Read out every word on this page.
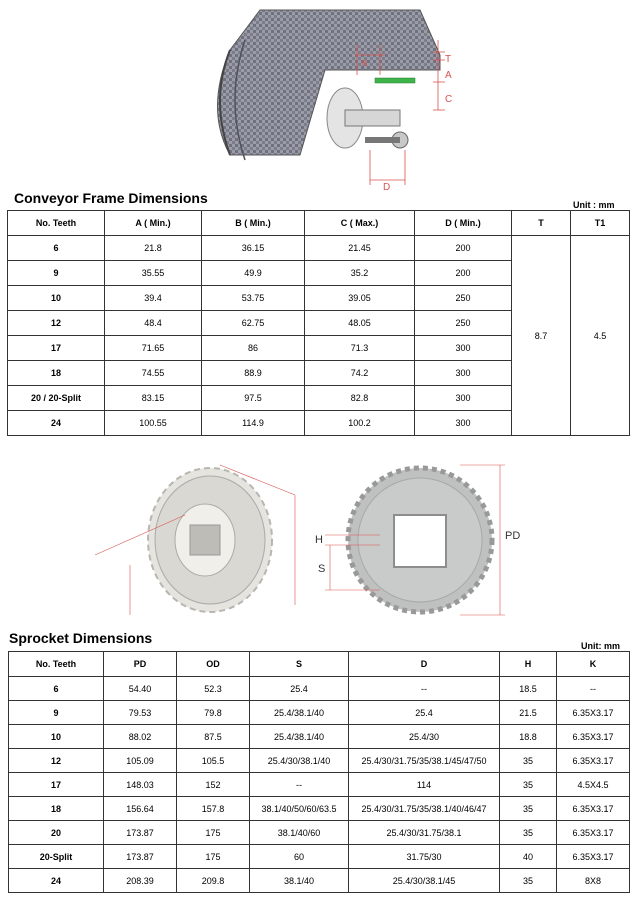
T
A
C
D
B
Conveyor Frame Dimensions	Unit : mm
No. Teeth	A ( Min.)	B ( Min.)	C ( Max.)	D ( Min.)	T	T1
6	21.8	36.15	21.45	200	8.7	4.5
9	35.55	49.9	35.2	200		
10	39.4	53.75	39.05	250		
12	48.4	62.75	48.05	250		
17	71.65	86	71.3	300		
18	74.55	88.9	74.2	300		
20 / 20-Split	83.15	97.5	82.8	300		
24	100.55	114.9	100.2	300		
PD
H
S
Sprocket Dimensions	Unit: mm
No. Teeth	PD	OD	S	D	H	K
6	54.40	52.3	25.4	--	18.5	--
9	79.53	79.8	25.4/38.1/40	25.4	21.5	6.35X3.17
10	88.02	87.5	25.4/38.1/40	25.4/30	18.8	6.35X3.17
12	105.09	105.5	25.4/30/38.1/40	25.4/30/31.75/35/38.1/45/47/50	35	6.35X3.17
17	148.03	152	--	114	35	4.5X4.5
18	156.64	157.8	38.1/40/50/60/63.5	25.4/30/31.75/35/38.1/40/46/47	35	6.35X3.17
20	173.87	175	38.1/40/60	25.4/30/31.75/38.1	35	6.35X3.17
20-Split	173.87	175	60	31.75/30	40	6.35X3.17
24	208.39	209.8	38.1/40	25.4/30/38.1/45	35	8X8
